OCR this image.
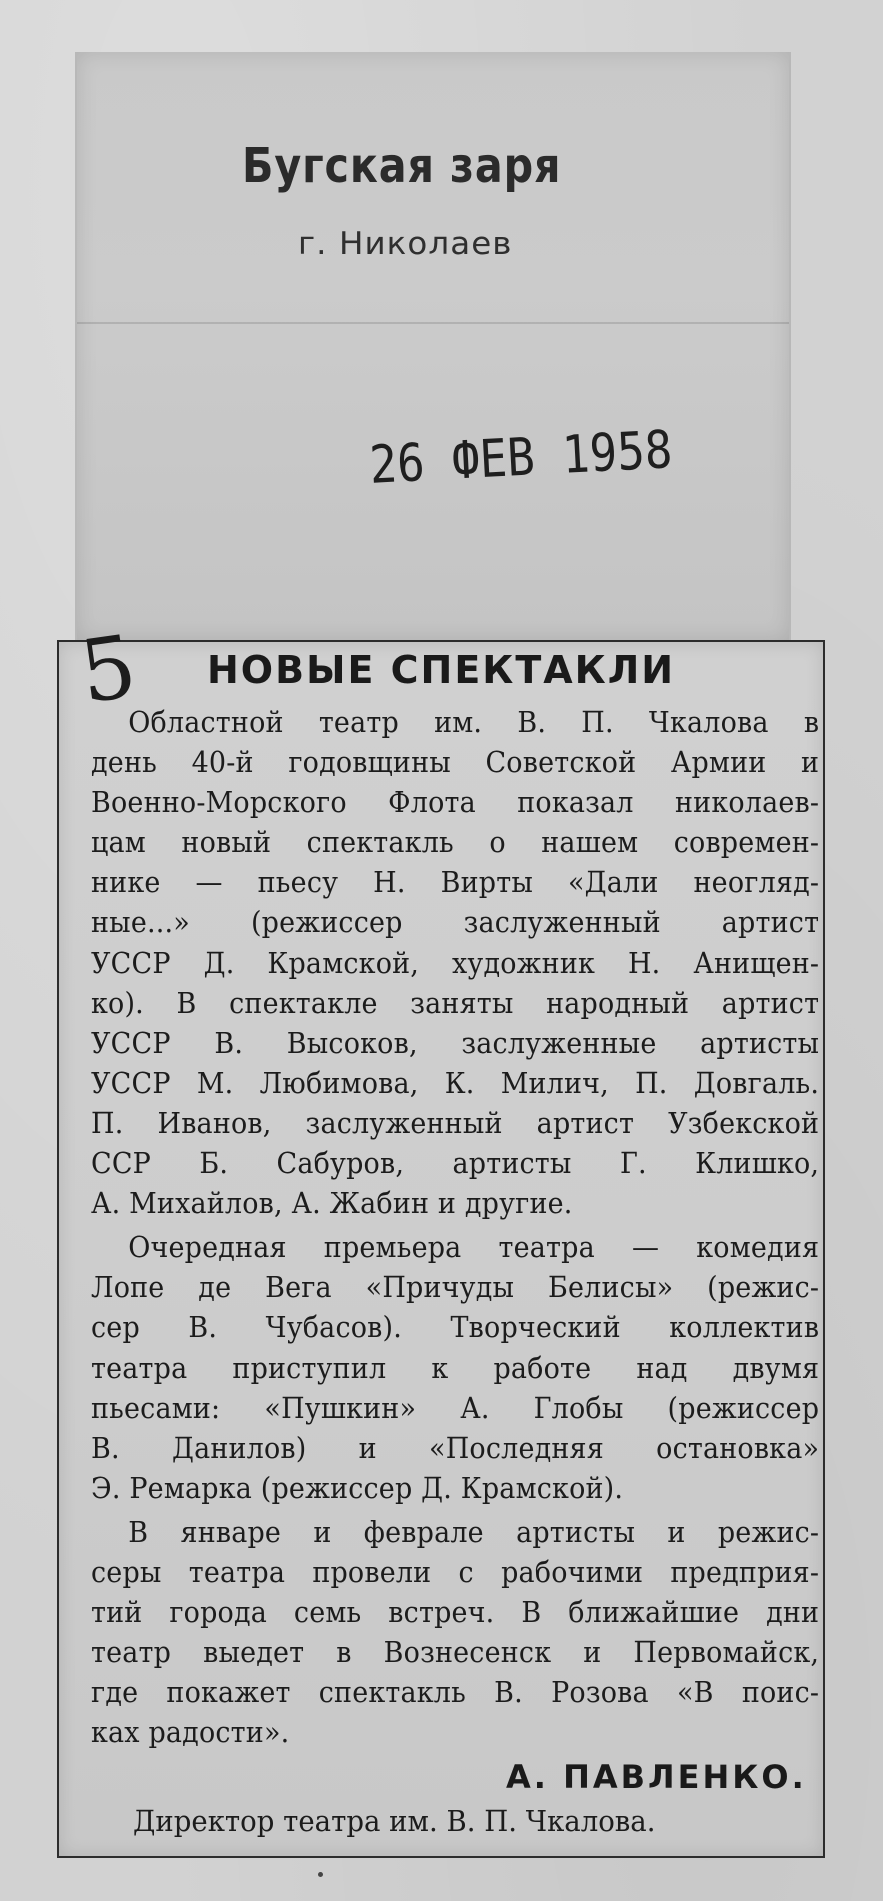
Бугская заря
г. Николаев
26 ФЕВ 1958
5 НОВЫЕ СПЕКТАКЛИ

Областной театр им. В. П. Чкалова в

день 40-й годовщины Советской Армии и

Военно-Морского Флота показал николаев-

цам новый спектакль о нашем современ-

нике — пьесу Н. Вирты «Дали неогляд-

ные...» (режиссер заслуженный артист

УССР Д. Крамской, художник Н. Анищен-

ко). В спектакле заняты народный артист

УССР В. Высоков, заслуженные артисты

УССР М. Любимова, К. Милич, П. Довгаль.

П. Иванов, заслуженный артист Узбекской

ССР Б. Сабуров, артисты Г. Клишко,

А. Михайлов, А. Жабин и другие.

Очередная премьера театра — комедия

Лопе де Вега «Причуды Белисы» (режис-

сер В. Чубасов). Творческий коллектив

театра приступил к работе над двумя

пьесами: «Пушкин» А. Глобы (режиссер

В. Данилов) и «Последняя остановка»

Э. Ремарка (режиссер Д. Крамской).

В январе и феврале артисты и режис-

серы театра провели с рабочими предприя-

тий города семь встреч. В ближайшие дни

театр выедет в Вознесенск и Первомайск,

где покажет спектакль В. Розова «В поис-

ках радости».

А. ПАВЛЕНКО.
Директор театра им. В. П. Чкалова.
